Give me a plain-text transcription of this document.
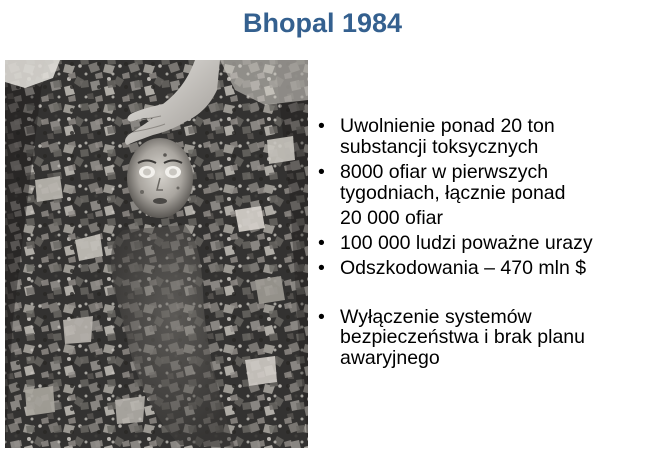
Bhopal 1984
• Uwolnienie ponad 20 ton
substancji toksycznych
• 8000 ofiar w pierwszych
tygodniach, łącznie ponad
20 000 ofiar
• 100 000 ludzi poważne urazy
• Odszkodowania – 470 mln $
• Wyłączenie systemów
bezpieczeństwa i brak planu
awaryjnego
